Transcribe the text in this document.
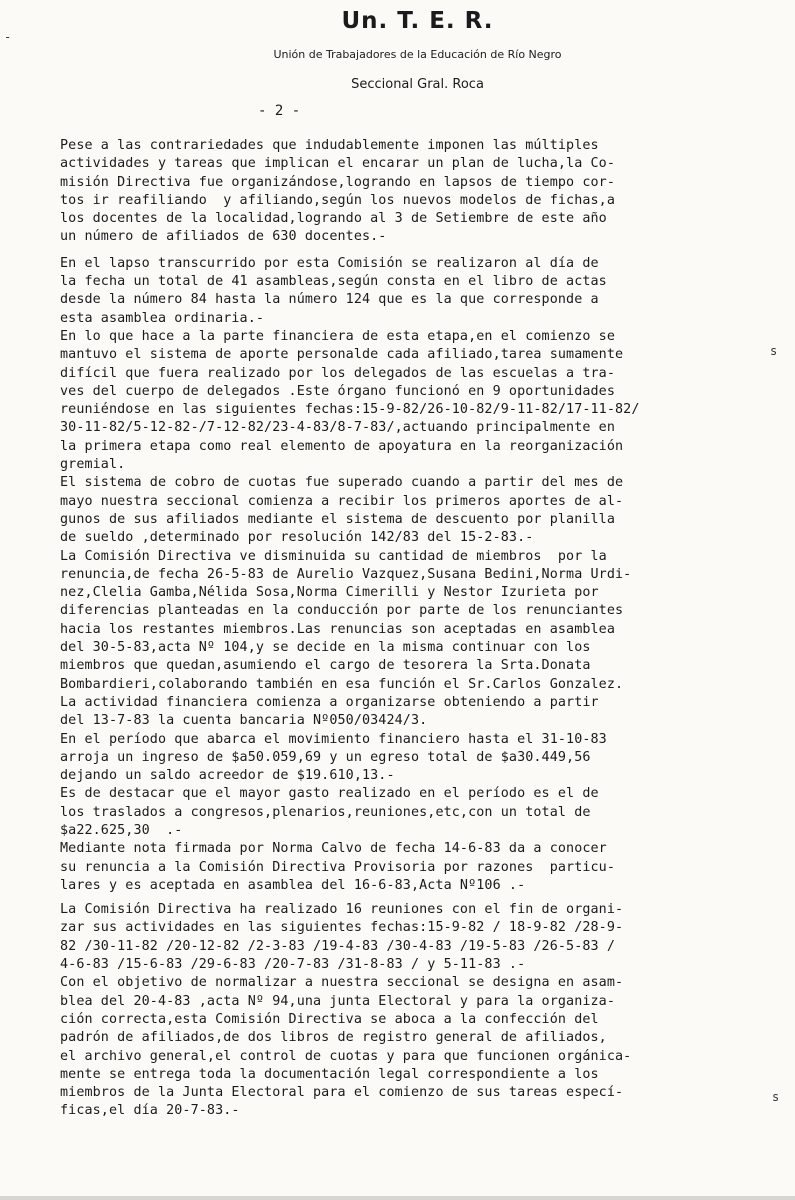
Un. T. E. R.
Unión de Trabajadores de la Educación de Río Negro
Seccional Gral. Roca
- 2 -
-
s
s
Pese a las contrariedades que indudablemente imponen las múltiples
actividades y tareas que implican el encarar un plan de lucha,la Co-
misión Directiva fue organizándose,logrando en lapsos de tiempo cor-
tos ir reafiliando  y afiliando,según los nuevos modelos de fichas,a
los docentes de la localidad,logrando al 3 de Setiembre de este año
un número de afiliados de 630 docentes.-
En el lapso transcurrido por esta Comisión se realizaron al día de
la fecha un total de 41 asambleas,según consta en el libro de actas
desde la número 84 hasta la número 124 que es la que corresponde a
esta asamblea ordinaria.-
En lo que hace a la parte financiera de esta etapa,en el comienzo se
mantuvo el sistema de aporte personalde cada afiliado,tarea sumamente
difícil que fuera realizado por los delegados de las escuelas a tra-
ves del cuerpo de delegados .Este órgano funcionó en 9 oportunidades
reuniéndose en las siguientes fechas:15-9-82/26-10-82/9-11-82/17-11-82/
30-11-82/5-12-82-/7-12-82/23-4-83/8-7-83/,actuando principalmente en
la primera etapa como real elemento de apoyatura en la reorganización
gremial.
El sistema de cobro de cuotas fue superado cuando a partir del mes de
mayo nuestra seccional comienza a recibir los primeros aportes de al-
gunos de sus afiliados mediante el sistema de descuento por planilla
de sueldo ,determinado por resolución 142/83 del 15-2-83.-
La Comisión Directiva ve disminuida su cantidad de miembros  por la
renuncia,de fecha 26-5-83 de Aurelio Vazquez,Susana Bedini,Norma Urdi-
nez,Clelia Gamba,Nélida Sosa,Norma Cimerilli y Nestor Izurieta por
diferencias planteadas en la conducción por parte de los renunciantes
hacia los restantes miembros.Las renuncias son aceptadas en asamblea
del 30-5-83,acta Nº 104,y se decide en la misma continuar con los
miembros que quedan,asumiendo el cargo de tesorera la Srta.Donata
Bombardieri,colaborando también en esa función el Sr.Carlos Gonzalez.
La actividad financiera comienza a organizarse obteniendo a partir
del 13-7-83 la cuenta bancaria Nº050/03424/3.
En el período que abarca el movimiento financiero hasta el 31-10-83
arroja un ingreso de $a50.059,69 y un egreso total de $a30.449,56
dejando un saldo acreedor de $19.610,13.-
Es de destacar que el mayor gasto realizado en el período es el de
los traslados a congresos,plenarios,reuniones,etc,con un total de
$a22.625,30  .-
Mediante nota firmada por Norma Calvo de fecha 14-6-83 da a conocer
su renuncia a la Comisión Directiva Provisoria por razones  particu-
lares y es aceptada en asamblea del 16-6-83,Acta Nº106 .-
La Comisión Directiva ha realizado 16 reuniones con el fin de organi-
zar sus actividades en las siguientes fechas:15-9-82 / 18-9-82 /28-9-
82 /30-11-82 /20-12-82 /2-3-83 /19-4-83 /30-4-83 /19-5-83 /26-5-83 /
4-6-83 /15-6-83 /29-6-83 /20-7-83 /31-8-83 / y 5-11-83 .-
Con el objetivo de normalizar a nuestra seccional se designa en asam-
blea del 20-4-83 ,acta Nº 94,una junta Electoral y para la organiza-
ción correcta,esta Comisión Directiva se aboca a la confección del
padrón de afiliados,de dos libros de registro general de afiliados,
el archivo general,el control de cuotas y para que funcionen orgánica-
mente se entrega toda la documentación legal correspondiente a los
miembros de la Junta Electoral para el comienzo de sus tareas especí-
ficas,el día 20-7-83.-
